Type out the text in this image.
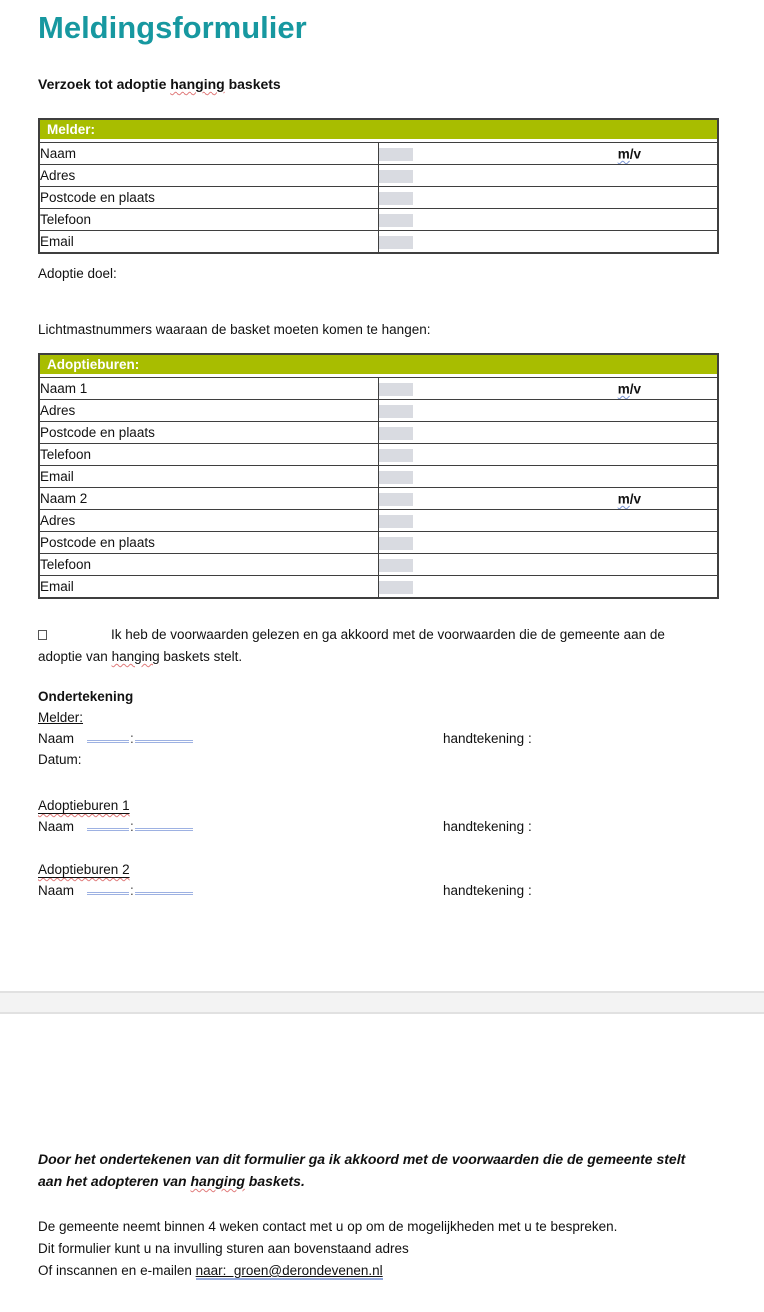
Meldingsformulier
Verzoek tot adoptie hanging baskets
Melder:	
Naam	m/v

Adres	
Postcode en plaats	
Telefoon	
Email	
Adoptie doel:
Lichtmastnummers waaraan de basket moeten komen te hangen:
Adoptieburen:	
Naam 1	m/v

Adres	
Postcode en plaats	
Telefoon	
Email	
Naam 2	m/v

Adres	
Postcode en plaats	
Telefoon	
Email	
Ik heb de voorwaarden gelezen en ga akkoord met de voorwaarden die de gemeente aan de
adoptie van hanging baskets stelt.
Ondertekening
Melder:
Naam	:	handtekening :
Datum:
Adoptieburen 1
Naam	:	handtekening :
Adoptieburen 2
Naam	:	handtekening :
Door het ondertekenen van dit formulier ga ik akkoord met de voorwaarden die de gemeente stelt
aan het adopteren van hanging baskets.
De gemeente neemt binnen 4 weken contact met u op om de mogelijkheden met u te bespreken.
Dit formulier kunt u na invulling sturen aan bovenstaand adres
Of inscannen en e-mailen naar:  groen@derondevenen.nl
